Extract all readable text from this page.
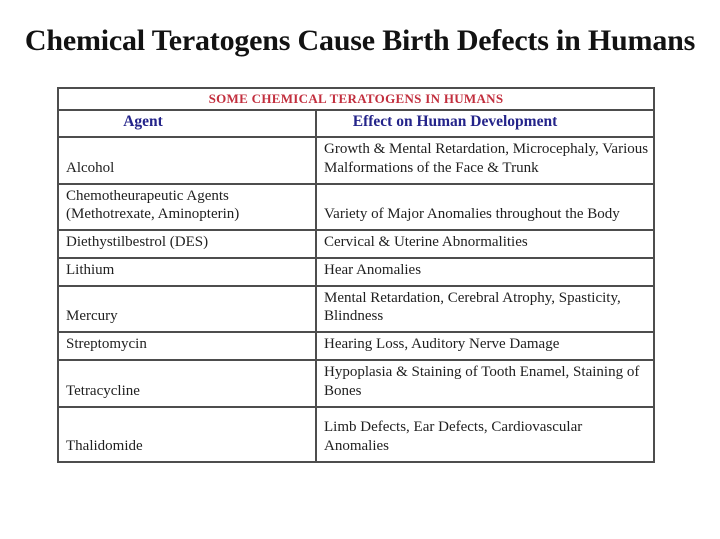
Chemical Teratogens Cause Birth Defects in Humans
SOME CHEMICAL TERATOGENS IN HUMANS	
Agent	Effect on Human Development
Alcohol	Growth & Mental Retardation, Microcephaly, Various Malformations of the Face & Trunk
Chemotheurapeutic Agents (Methotrexate, Aminopterin)	Variety of Major Anomalies throughout the Body
Diethystilbestrol (DES)	Cervical & Uterine Abnormalities
Lithium	Hear Anomalies
Mercury	Mental Retardation, Cerebral Atrophy, Spasticity, Blindness
Streptomycin	Hearing Loss, Auditory Nerve Damage
Tetracycline	Hypoplasia & Staining of Tooth Enamel, Staining of Bones
Thalidomide	Limb Defects, Ear Defects, Cardiovascular Anomalies
